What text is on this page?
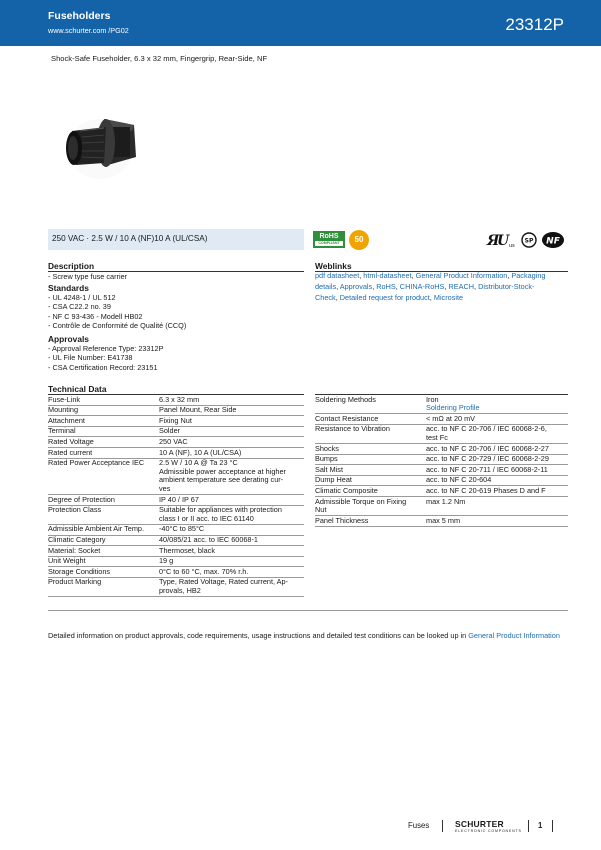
Fuseholders
www.schurter.com /PG02	23312P
Shock-Safe Fuseholder, 6.3 x 32 mm, Fingergrip, Rear-Side, NF
250 VAC · 2.5 W / 10 A (NF)10 A (UL/CSA)	RoHS
COMPLIANT	50	Я
U us
SP NF
Description
- Screw type fuse carrier
Standards
- UL 4248-1 / UL 512
- CSA C22.2 no. 39
- NF C 93-436 - Modell HB02
- Contrôle de Conformité de Qualité (CCQ)
Approvals
- Approval Reference Type: 23312P
- UL File Number: E41738
- CSA Certification Record: 23151
Weblinks
pdf datasheet, html-datasheet, General Product Information, Packaging
details, Approvals, RoHS, CHINA-RoHS, REACH, Distributor-Stock-
Check, Detailed request for product, Microsite
Technical Data
Fuse-Link	6.3 x 32 mm

Mounting	Panel Mount, Rear Side

Attachment	Fixing Nut

Terminal	Solder

Rated Voltage	250 VAC

Rated current	10 A (NF), 10 A (UL/CSA)

Rated Power Acceptance IEC	2.5 W / 10 A @ Ta 23 °C
Admissible power acceptance at higher
ambient temperature see derating cur-
ves

Degree of Protection	IP 40 / IP 67

Protection Class	Suitable for appliances with protection
class I or II acc. to IEC 61140

Admissible Ambient Air Temp.	-40°C to 85°C

Climatic Category	40/085/21 acc. to IEC 60068-1

Material: Socket	Thermoset, black

Unit Weight	19 g

Storage Conditions	0°C to 60 °C, max. 70% r.h.

Product Marking	Type, Rated Voltage, Rated current, Ap-
provals, HB2
Soldering Methods	Iron
Soldering Profile

Contact Resistance	< mΩ at 20 mV

Resistance to Vibration	acc. to NF C 20-706 / IEC 60068-2-6,
test Fc

Shocks	acc. to NF C 20-706 / IEC 60068-2-27

Bumps	acc. to NF C 20-729 / IEC 60068-2-29

Salt Mist	acc. to NF C 20-711 / IEC 60068-2-11

Dump Heat	acc. to NF C 20-604

Climatic Composite	acc. to NF C 20-619 Phases D and F

Admissible Torque on Fixing
Nut	max 1.2 Nm

Panel Thickness	max 5 mm
Detailed information on product approvals, code requirements, usage instructions and detailed test conditions can be looked up in General Product Information
Fuses	SCHURTER
ELECTRONIC COMPONENTS
1
